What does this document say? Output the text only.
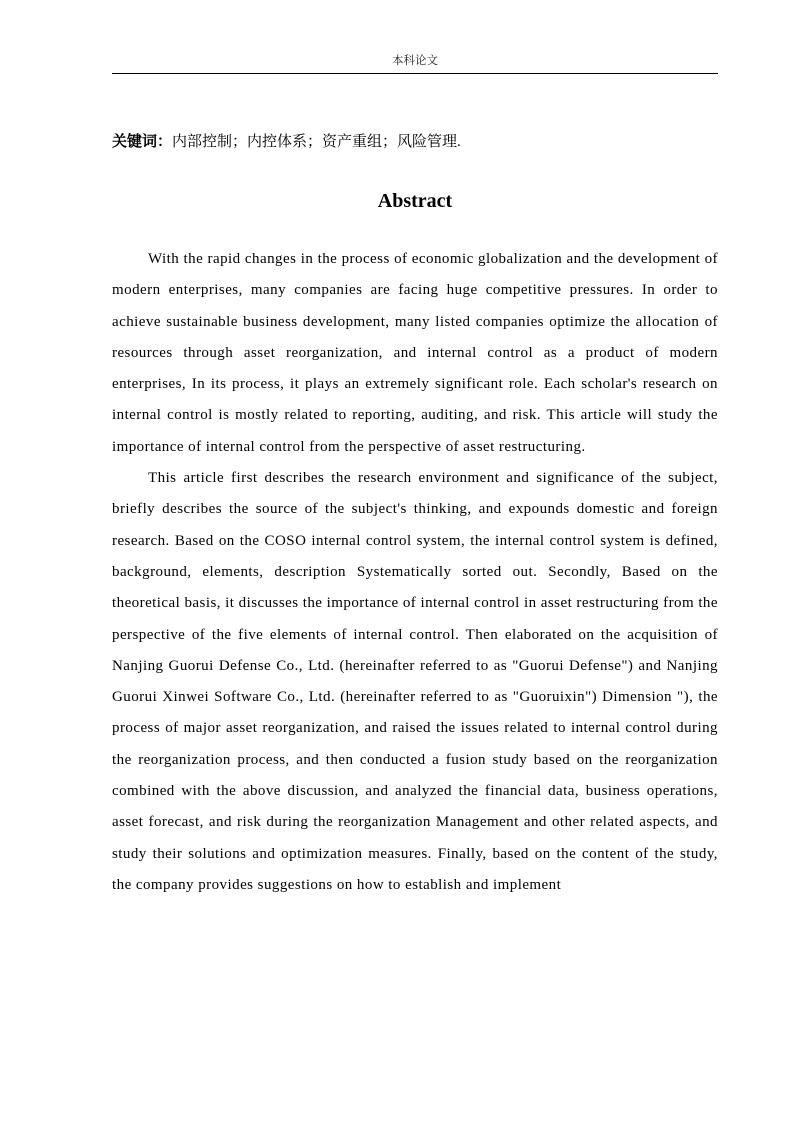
本科论文
关键词：内部控制；内控体系；资产重组；风险管理.
Abstract

With the rapid changes in the process of economic globalization and the development of modern enterprises, many companies are facing huge competitive pressures. In order to achieve sustainable business development, many listed companies optimize the allocation of resources through asset reorganization, and internal control as a product of modern enterprises, In its process, it plays an extremely significant role. Each scholar's research on internal control is mostly related to reporting, auditing, and risk. This article will study the importance of internal control from the perspective of asset restructuring.

This article first describes the research environment and significance of the subject, briefly describes the source of the subject's thinking, and expounds domestic and foreign research. Based on the COSO internal control system, the internal control system is defined, background, elements, description Systematically sorted out. Secondly, Based on the theoretical basis, it discusses the importance of internal control in asset restructuring from the perspective of the five elements of internal control. Then elaborated on the acquisition of Nanjing Guorui Defense Co., Ltd. (hereinafter referred to as "Guorui Defense") and Nanjing Guorui Xinwei Software Co., Ltd. (hereinafter referred to as "Guoruixin") Dimension "), the process of major asset reorganization, and raised the issues related to internal control during the reorganization process, and then conducted a fusion study based on the reorganization combined with the above discussion, and analyzed the financial data, business operations, asset forecast, and risk during the reorganization Management and other related aspects, and study their solutions and optimization measures. Finally, based on the content of the study, the company provides suggestions on how to establish and implement
